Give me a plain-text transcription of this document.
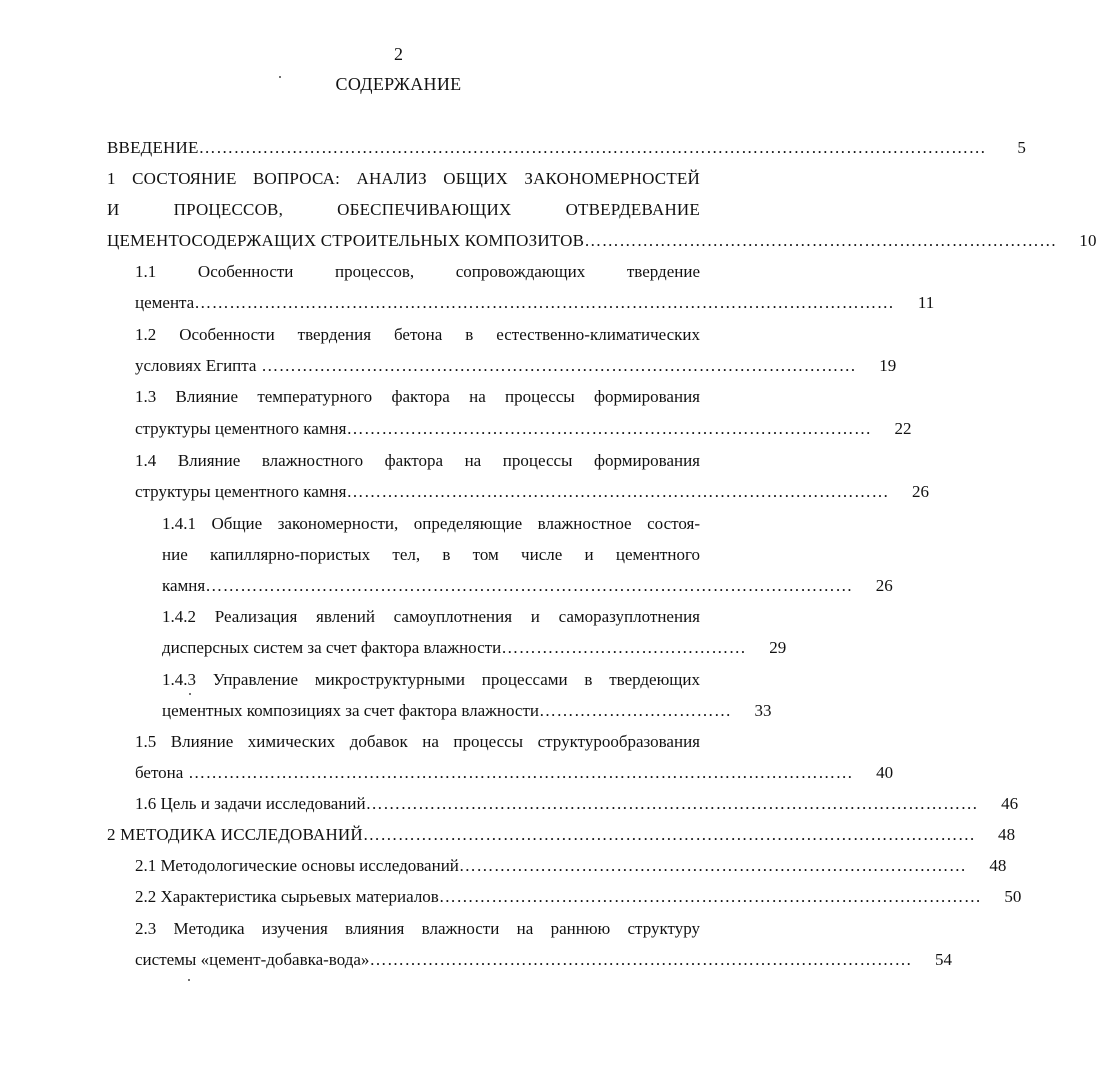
2
СОДЕРЖАНИЕ
ВВЕДЕНИЕ ………………………………………………………………………………………………………………………	5
1 СОСТОЯНИЕ ВОПРОСА: АНАЛИЗ ОБЩИХ ЗАКОНОМЕРНОСТЕЙ
И ПРОЦЕССОВ, ОБЕСПЕЧИВАЮЩИХ ОТВЕРДЕВАНИЕ
ЦЕМЕНТОСОДЕРЖАЩИХ СТРОИТЕЛЬНЫХ КОМПОЗИТОВ ………………………………………………………………………	10
1.1 Особенности процессов, сопровождающих твердение
цемента …………………………………………………………………………………………………………	11
1.2 Особенности твердения бетона в естественно-климатических
условиях Египта …………………………………………………………………………………………	19
1.3 Влияние температурного фактора на процессы формирования
структуры цементного камня ………………………………………………………………………………	22
1.4 Влияние влажностного фактора на процессы формирования
структуры цементного камня …………………………………………………………………………………	26
1.4.1 Общие закономерности, определяющие влажностное состоя-
ние капиллярно-пористых тел, в том числе и цементного
камня …………………………………………………………………………………………………	26
1.4.2 Реализация явлений самоуплотнения и саморазуплотнения
дисперсных систем за счет фактора влажности ……………………………………	29
1.4.3 Управление микроструктурными процессами в твердеющих
цементных композициях за счет фактора влажности ……………………………	33
1.5 Влияние химических добавок на процессы структурообразования
бетона ……………………………………………………………………………………………………	40
1.6 Цель и задачи исследований ……………………………………………………………………………………………	46
2 МЕТОДИКА ИССЛЕДОВАНИЙ ……………………………………………………………………………………………	48
2.1 Методологические основы исследований ……………………………………………………………………………	48
2.2 Характеристика сырьевых материалов …………………………………………………………………………………	50
2.3 Методика изучения влияния влажности на раннюю структуру
системы «цемент-добавка-вода» …………………………………………………………………………………	54
